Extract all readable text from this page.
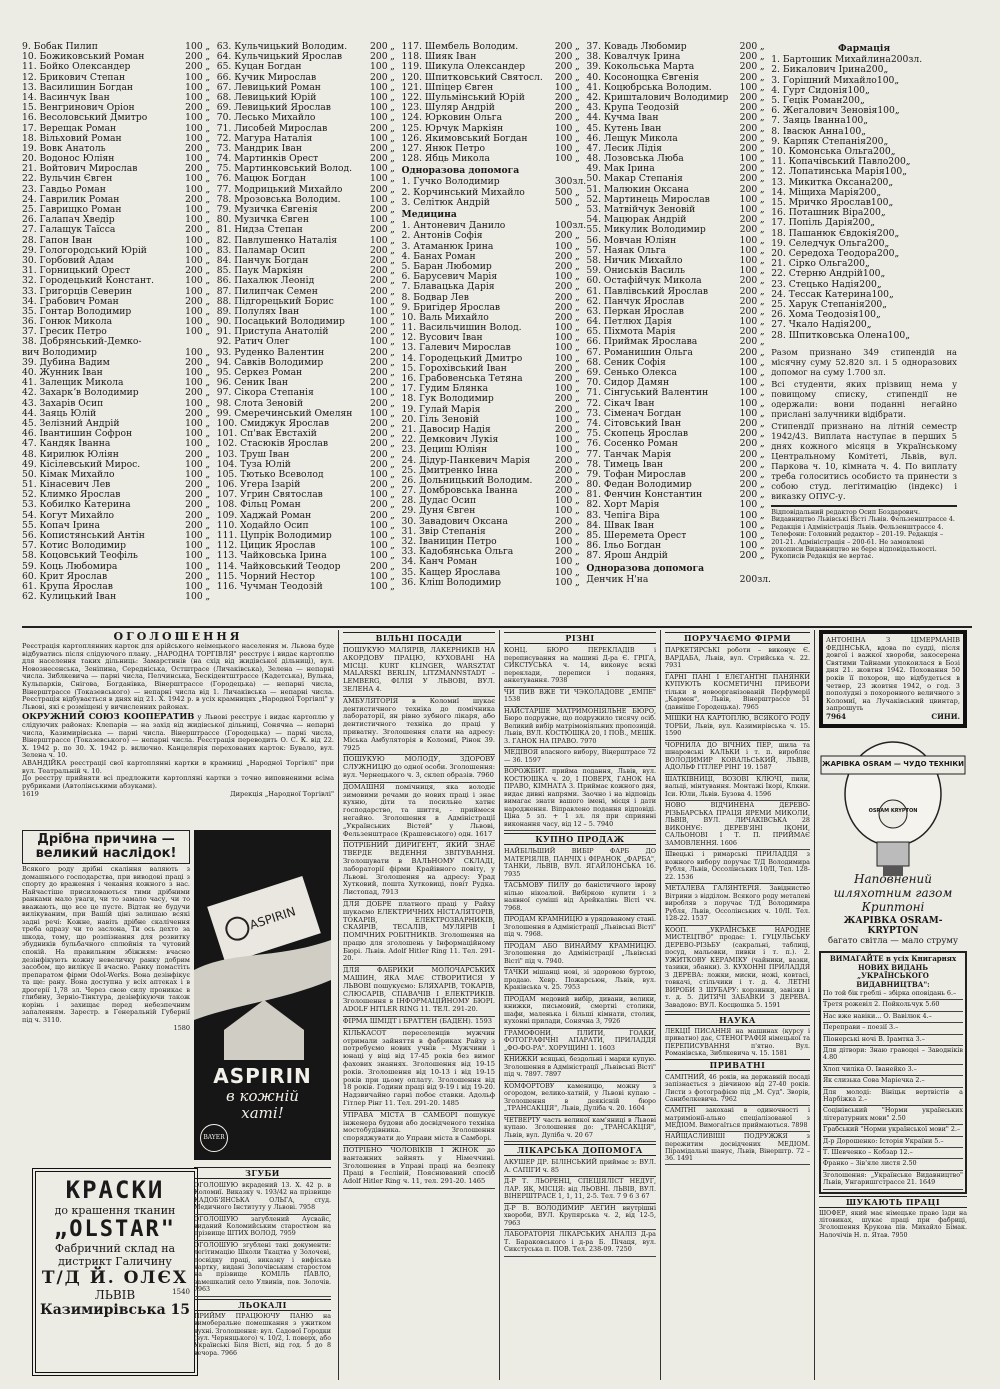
9. Бобак Пилип	100 „
10. Божиковський Роман	200 „
11. Бойко Олександер	200 „
12. Брикович Степан	100 „
13. Василишин Богдан	100 „
14. Васинчук Іван	100 „
15. Венгринович Оріон	200 „
16. Весоловський Дмитро	100 „
17. Верещак Роман	100 „
18. Вільховий Роман	100 „
19. Вовк Анатоль	200 „
20. Водонос Юліян	100 „
21. Войтович Мирослав	200 „
22. Вульчин Євген	100 „
23. Гавдьо Роман	100 „
24. Гаврилик Роман	200 „
25. Гаврищко Роман	100 „
26. Галапач Хведір	100 „
27. Галащук Таїсса	200 „
28. Гапон Іван	100 „
29. Гологородський Юрій	100 „
30. Горбовий Адам	100 „
31. Горницький Орест	200 „
32. Городецький Констант.	100 „
33. Григорців Северин	100 „
34. Грабович Роман	200 „
35. Гонтар Володимир	100 „
36. Гонюк Микола	100 „
37. Гресик Петро	100 „
38. Добрянський-Демко-
вич Володимир	100 „
39. Дубина Вадим	200 „
40. Жунник Іван	100 „
41. Залещик Микола	100 „
42. Захаркʼв Володимир	200 „
43. Захарів Осип	100 „
44. Заяць Юлій	200 „
45. Зелізний Андрій	100 „
46. Івантишин Софрон	100 „
47. Кандяк Іванна	100 „
48. Кирилюк Юліян	200 „
49. Кісілевський Мирос.	100 „
50. Кімак Михайло	100 „
51. Кінасевич Лев	200 „
52. Климко Ярослав	200 „
53. Кобилко Катерина	200 „
54. Когут Михайло	200 „
55. Копач Ірина	200 „
56. Копистянський Антін	100 „
57. Котис Володимир	100 „
58. Коцовський Теофіль	100 „
59. Коць Любомира	100 „
60. Крит Ярослав	200 „
61. Крупа Ярослав	100 „
62. Кулицький Іван	100 „
63. Кульчицький Володим.	200 „
64. Кульчицький Ярослав	200 „
65. Куцан Богдан	100 „
66. Кучик Мирослав	200 „
67. Левицький Роман	100 „
68. Левицький Юрій	100 „
69. Левицький Ярослав	100 „
70. Лесько Михайло	100 „
71. Лисобей Мирослав	200 „
72. Магура Наталія	100 „
73. Мандрик Іван	200 „
74. Мартинків Орест	200 „
75. Мартинковський Волод.	100 „
76. Мацюк Богдан	100 „
77. Модрицький Михайло	200 „
78. Мрозовська Володим.	100 „
79. Музичка Євгенія	200 „
80. Музичка Євген	100 „
81. Нидза Степан	200 „
82. Павлушенко Наталія	100 „
83. Паламар Осип	200 „
84. Панчук Богдан	200 „
85. Паук Маркіян	200 „
86. Пахалюк Леонід	200 „
87. Пилипчак Семен	200 „
88. Підгорецький Борис	100 „
89. Полулях Іван	100 „
90. Посацький Володимир	100 „
91. Приступа Анатолій	200 „
92. Ратич Олег	100 „
93. Руденко Валентин	200 „
94. Савків Володимир	200 „
95. Серкез Роман	200 „
96. Сеник Іван	200 „
97. Сікора Степанія	100 „
98. Слота Зеновій	200 „
99. Смеречинський Омелян	100 „
100. Смиджук Ярослав	200 „
101. Сп'вак Евстахій	200 „
102. Стасюків Ярослав	200 „
103. Труш Іван	200 „
104. Туза Юлій	200 „
105. Тютько Всеволод	100 „
106. Угера Ізарій	200 „
107. Угрин Святослав	100 „
108. Фільц Роман	200 „
109. Хаджай Роман	200 „
110. Ходайло Осип	100 „
111. Цупрік Володимир	100 „
112. Цицик Ярослав	100 „
113. Чайковська Ірина	100 „
114. Чайковський Теодор	200 „
115. Чорний Нестор	100 „
116. Чучман Теодозій	100 „
117. Шембель Володим.	200 „
118. Шияк Іван	200 „
119. Шикула Олександер	200 „
120. Шпитковський Святосл.	200 „
121. Шпіцер Євген	100 „
122. Шульмінський Юрій	200 „
123. Шуляр Андрій	200 „
124. Юрковин Ольга	200 „
125. Юрчук Маркіян	100 „
126. Якимовський Богдан	100 „
127. Янюк Петро	100 „
128. Ябць Микола	100 „
Одноразова допомога
1. Гучко Володимир	300 зл.
2. Корчинський Михайло	500 „
3. Селітюк Андрій	500 „
Медицина
1. Антоневич Данило	100 зл.
2. Антонів Софія	200 „
3. Атаманюк Ірина	100 „
4. Банах Роман	200 „
5. Баран Любомир	200 „
6. Барусевич Марія	100 „
7. Блавацька Дарія	200 „
8. Бодвар Лев	200 „
9. Бригідер Ярослав	200 „
10. Валь Михайло	200 „
11. Васильчишин Волод.	100 „
12. Вусович Іван	100 „
13. Галевич Мирослав	100 „
14. Городецький Дмитро	100 „
15. Горохівський Іван	200 „
16. Грабовенська Тетяна	200 „
17. Гудим Блянка	100 „
18. Гук Володимир	200 „
19. Гулай Марія	200 „
20. Гіль Зеновій	100 „
21. Давосир Надія	200 „
22. Демкович Лукія	100 „
23. Дециш Юліян	100 „
24. Дідур-Панкевич Марія	200 „
25. Дмитренко Інна	200 „
26. Дольницький Володим.	200 „
27. Домбровська Іванна	200 „
28. Дудас Осип	100 „
29. Дуня Євген	100 „
30. Завадович Оксана	200 „
31. Звір Степанія	200 „
32. Іваницин Петро	100 „
33. Кадобянська Ольга	200 „
34. Канч Роман	100 „
35. Кащер Ярослава	100 „
36. Кліш Володимир	100 „
37. Ковадь Любомир	200 „
38. Ковалчук Ірина	200 „
39. Кокольська Марта	200 „
40. Косонощка Євгенія	200 „
41. Коцюбрська Володим.	100 „
42. Кришталович Володимир	200 „
43. Крупа Теодозій	200 „
44. Кучма Іван	200 „
45. Кутень Іван	200 „
46. Лещук Микола	200 „
47. Лесик Лідія	200 „
48. Лозовська Люба	100 „
49. Мак Ірина	200 „
50. Макар Степанія	200 „
51. Малюкин Оксана	200 „
52. Мартинець Мирослав	100 „
53. Матвійчук Зеновій	100 „
54. Мацюрак Андрій	200 „
55. Микулик Володимир	200 „
56. Мовчан Юліян	100 „
57. Наяак Ольга	100 „
58. Ничик Михайло	100 „
59. Ониськів Василь	100 „
60. Остафійчук Микола	200 „
61. Павлівський Ярослав	200 „
62. Панчук Ярослав	200 „
63. Перкан Ярослав	200 „
64. Петлюх Дарія	100 „
65. Піхмота Марія	200 „
66. Приймак Ярослава	200 „
67. Романишин Ольга	200 „
68. Сеник Софія	100 „
69. Сенько Олекса	100 „
70. Сидор Дамян	100 „
71. Сінгуський Валентин	100 „
72. Сікач Іван	100 „
73. Сіменач Богдан	100 „
74. Сітовський Іван	200 „
75. Скопець Ярослав	200 „
76. Сосенко Роман	200 „
77. Танчак Марія	200 „
78. Тимець Іван	200 „
79. Тофан Мирослав	200 „
80. Федан Володимир	200 „
81. Фенчин Константин	200 „
82. Хорт Марія	100 „
83. Чепіга Віра	100 „
84. Швак Іван	100 „
85. Шеремета Орест	100 „
86. Ільо Богдан	100 „
87. Ярош Андрій	200 „
Одноразова допомога
Денчик Н'на	200 зл.
Фармація
1. Бартошик Михайлина200зл.
2. Бикалович Ірина200„
3. Горішний Михайло100„
4. Гурт Сидонія100„
5. Гецік Роман200„
6. Жегалович Зеновія100„
7. Заяць Іванна100„
8. Івасюк Анна100„
9. Карпяк Степанія200„
10. Комонська Ольга200„
11. Копачівський Павло200„
12. Лопатинська Марія100„
13. Микитка Оксана200„
14. Міщиха Марія200„
15. Мричко Ярослав100„
16. Поташник Віра200„
17. Попіль Дарія200„
18. Пашанюк Євдокія200„
19. Селедчук Ольга200„
20. Середоха Теодора200„
21. Сірко Ольга200„
22. Стерню Андрій100„
23. Стецько Надія200„
24. Тессак Катерина100„
25. Харук Степанія200„
26. Хома Теодозія100„
27. Чкало Надія200„
28. Шпитковська Олена100„
Разом признано 349 стипендій на місячну суму 52.820 зл. і 5 одноразових допомог на суму 1.700 зл.
Всі студенти, яких прізвищ нема у повищому списку, стипендії не одержали: вони поданні негайно прислані залучники відібрати.
Стипендії признано на літній семестр 1942/43. Виплата наступає в перших 5 днях кожного місяця в Українському Центральному Комітеті, Львів, вул. Паркова ч. 10, кімната ч. 4. По виплату треба голоситись особисто та принести з собою студ. легітимацію (індекс) і виказку ОПУС-у.
Відповідальний редактор Осип Боздарович. Видавництво Львівські Вісті Львів. Фельзенштрассе 4. Редакція і Адміністрація Львів. Фельзенштрассе 4. Телефони: Головний редактор – 201-19. Редакція – 201-21. Адміністрація – 200-61. Не замовлені рукописи Видавництво не бере відповідальності. Рукописів Редакція не вертає.
ОГОЛОШЕННЯ
Реєстрація картоплянних карток для арійського неімецького населення м. Львова буде відбуватись після слідуючого плану. „НАРОДНА ТОРГІВЛЯ" реєструє і видає картоплю для населення таких дільниць: Замарстинів (на схід від жидівської дільниці), вул. Новознесенська, Зеніпина, Середніська, Остштрасе (Личаківська), Зелена — непарні числа. Зиблкевича — парні числа, Пелчинська, Бескідентштрассе (Кадетська), Вулька, Кульпарків, Снігова, Богданівка, Вінерштрассе (Городецька) — непарні числа, Вінерштрассе (Токазевського) — непарні числа від 1. Личаківська — непарні числа. Реєстрація відбувається в днях від 21. X. 1942 р. в усіх крамницях „Народної Торгівлі" у Львові, які є розміщені у вичисленних районах.
ОКРУЖНИЙ СОЮЗ КООПЕРАТИВ у Львові реєструє і видає картоплю у слідуючих районах: Клепарів — на захід від жидівської дільниці, Сонячна — непарні числа, Казимирівська — парні числа. Вінерштрассе (Городецька) — парні числа, Вінерштрассе (Токазевського) — непарні числа. Реєстрація переводить О. С. К. від 22. X. 1942 р. по 30. X. 1942 р. включно. Канцелярія перехованих карток: Бувало, вул. Зелена ч. 10.
АВАНДІЙКА реєстрації свої картоплянні картки в крамниці „Народної Торгівлі" при вул. Театральній ч. 10.
До реєстру прийняти всі предложити картопляні картки з точно виповненими всіма рубриками (Автолінськими абзуками).
1619	Дирекція „Народної Торгівлі"
Дрібна причина — великий наслідок!
Всякого роду дрібні скаління валяють з домашнього господарства, при виводові праці з спорту до враження і чекання кожного з нас. Найчастіше присиловаються тими дрібними ранками мало уваги, чи то замало часу, чи то вважають, що все це пусте. Відтак не будучи вилікуваним, при Вашій ціні залишаю всякі задні речі: Кожне, навіть дрібне скалічення треба одразу чи то заслона, Ти ось дехто за шкода, тому, що розпізнання для розвитку збудників бульбачного сплюйнія та чутовий спокій. На правильним збіжжям: вчасно дезінфікують кожну невеличку ранку добрим засобом, що вилікує її вчасно. Ранку помастіть препаратом фірми Odol-Werks. Вона дезінфікує та ще: рану. Вона доступна у всіх аптеках і в дрогерії 1,78 зл. Через свою силу проникає в глибину, Зерніо-Тінктура, дезінфікуючи також корінь і захищає перед небезпечним запаленням. Зарестр. в Генеральній Губернії під ч. 3110.
1580
ASPIRIN
ASPIRIN
в кожній хаті!
BAYER
КРАСКИ
до крашення тканин
„OLSTAR"
Фабричний склад на дистрикт Галичину
Т/Д Й. ОЛЄХ
ЛЬВІВ	1540
Казимирівська 15
ЗГУБИ
ОГОЛОШУЮ вкрадений 13. X. 42 р. в Коломиї. Виказку ч. 193/42 на прізвище КАДОБ'ЯНСЬКА ОЛЬГА, студ. Медичного Інституту у Львові. 7958
ОГОЛОШУЮ загублений Аусвайс, виданий Коломийським староством на прізвище ШТИХ ВОЛОД. 7959
ОГОЛОШУЮ згублені такі документи: легітимацію Школи Ткацтва у Золочеві, посвідку праці, виказку і вифіська картку, видані Золочівським старостом на прізвище КОМІЛЬ ПАВЛО, замешкалий село Улвинів, пов. Золочів. 7963
ЛЬОКАЛІ
ПРИЙМУ ПРАЦЮЮЧУ ПАНЮ на вимоберальне помешкання з ужитком кухні. Зголошення: вул. Садової Городки (вул. Черняцького) ч. 10/2, I. поверх, або Українські Біля Вісті, від год. 5 до 8 вечора. 7966
ВІЛЬНІ ПОСАДИ
ПОШУКУЮ МАЛЯРІВ, ЛАКЕРНИКІВ НА АКОРДОВУ ПРАЦЮ, КУХОВАНІ НА МІСЦІ. KURT KLINGER, WARSZTAT MALARSKI BERLIN, LITZMANNSTADT – LEMBERG, ФІЛІЯ У ЛЬВОВІ, ВУЛ. ЗЕЛЕНА 4.
АМБУЛЯТОРІЯ в Коломиї шукає дентистичного техніка до помічника лабораторії, ян рівно зубного лікаря, або дентистичного техніка до праці у приватну. Зголошення слати на адресу: Міська Амбуляторія в Коломиї, Рінок 39. 7925
ПОШУКУЮ МОЛОДУ, ЗДОРОВУ СЛУЖНИЦЮ до одної особи. Зголошення: вул. Чернецького ч. 3, склеп образів. 7960
ДОМАШНЯ помічниця, яка володіє зимовими речами до нових праці і знає кухню, діти та посильне хатнє господарство, та шиття, - приймеся негайно. Зголошення в Адміністрації „Українських Вістей" у Львові, Фельзенштрасе (Крашевського) одн. 1617
ПОТРІБНИЙ ДИРИГЕНТ, ЯКИЙ ЗНАЄ ТВЕРДЕ ВЕДЕННЯ ЗВІТУВАННЯ. Зголошувати в ВАЛЬНОМУ СКЛАДІ, лабораторії фірми Крайівного повіту, у Львові. Зголошення на адресу: Урад Хутковий, пошта Хутковиці, повіт Рудка. Листопад, 7913
ДЛЯ ДОБРЕ платного праці у Райху шукаємо ЕЛЕКТРИЧНИХ НІСТАЛЯТОРІВ, ТОКАРІВ, ЕЛЕКТРОЗВАРНИКІВ, СКАЯРІВ, ТЕСАЛІВ, МУЛЯРІВ І ПОМІЧНИХ РОБІТНИКІВ. Зголошення на працю для зголошень у Інформаційному Бюрі. Львів. Adolf Hitler Ring 11. Тел. 291-20.
ДЛЯ ФАБРИКИ МОЛОЧАРСЬКИХ МАШИН, ЯКА МАЄ СТВОРИТИСЯ У ЛЬВОВІ пошукуємо: БЛЯХАРІВ, ТОКАРІВ, СЛЮСАРІВ, СПАВАЧІВ І ЕЛЕКТРИКІВ. Зголошення в ІНФОРМАЦІЙНОМУ БЮРІ. ADOLF HITLER RING 11. ТЕЛ. 291-20.
ФІРМА ШМІДТ і БРАТТЕН (БАДЕН). 1593
КІЛЬКАСОТ переселенців мужчин отримали зайняття в фабриках Райху з потребуємо нових учнів – Мужчини і юнаці у віці від 17-45 років без вимог фахових знаннях. Зголошення від 19-15 років. Зголошення від 10-13 і від 19-15 років при цьому оплату. Зголошення від 18 років. Години праці від 9-19 і від 19-20. Надзвичайно гарні побоє ставки. Адольф Гітлер Рінг 11. Тел. 291-20. 1485
УПРАВА МІСТА В САМБОРІ пошукує інженера будови або досвідченого техніка мостобудівника. Зголошення споряджувати до Управи міста в Самборі.
ПОТРІБНО ЧОЛОВІКІВ І ЖІНОК до вантажних зайнять у Німеччині. Зголошення в Управі праці на безпеку Праці в Геслівій, Пояснюваний спосіб Adolf Hitler Ring ч. 11, тел. 291-20. 1465
РІЗНІ
КОНЦ. БЮРО ПЕРЕКЛАДІВ і переписування на машині Д-ра Є. ГРІГА, СИКСТУСЬКА ч. 14, виконує всякі переклади, переписи і подання, анкетування. 7938
ЧИ ПИВ ВЖЕ ТИ ЧЭКОЛАДОВЕ „ЕМПЕ" 1538
НАЙСТАРШЕ МАТРИМОНІЯЛЬНЕ БЮРО, Бюро подружне, що подружило тисячу осіб. Великий вибір матрімоніяльних пропозицій. Львів, ВУЛ. КОСТЮШКА 20, І ПОВ., МЕШК. 3. ГАНОК НА ПРАВО. 7970
МЕДІВОЯ власного вибору, Віңерштрасе 72 — 36. 1597
ВОРОЖБИТ. прийма подання, Львів, вул. КОСТЮШКА ч. 20, І ПОВЕРХ, ГАНОК НА ПРАВО, КІМНАТА 3. Приймає кожного дня, видає дивні напрями. Заочно і на відповідь вимагає знати вашого імені, місця і дати народження. Віправлено подання відповіді. Ціна 5 зл. + 1 зл. ля при сприянні виконання часу, від 12 – 5. 7940
КУПНО ПРОДАЖ
НАЙБІЛЬШИЙ ВИБІР ФАРБ ДО МАТЕРІЯЛІВ, ПАНЧІХ і ФІРАНОК „ФАРБА", ТАНКИ, ЛЬВІВ, ВУЛ. ЯГАЙЛОНСЬКА 16. 7935
ТАСЬМОВУ ПИЛУ до баністичного іврову нілью нікоалюй. Вибіркою купити і з наявної суміші від Арейкалінь Вісті чч. 7968.
ПРОДАМ КРАМНИЦЮ в урядованому стані. Зголошення в Адміністрації „Львівські Вісті" під ч. 7968.
ПРОДАМ АБО ВИНАЙМУ КРАМНИЦЮ. Зголошення до Адміністрації „Львівські Вісті" під ч. 7940.
ТАЧКИ мішанці нові, зі здоровою буртою, продаю. Хевр. Пожарсьюн, Львів, вул. Краківська ч. 25. 7953
ПРОДАМ медовий вибір, дивани, велики, книжки, письмовий, смертні столики, шафи, маленька і більші кімнати, столик, кухонні прилади, Сонячна 3, 7926
ГРАМОФОНИ, ПЛИТИ, ГОАКИ, ФОТОГРАФІЧНІ АПАРАТИ, ПРИЛАДДЯ „ФО-ФО-РА". ХОРУЩИНІ 1. 1603
КНИЖКИ всяцькі, бездольні і марки купую. Зголошення в Адміністрації „Львівські Вісті" під ч. 7897. 7897
КОМФОРТОВУ каменицю, можну з огородом, велико-хатній, у Львові купаю – Зголошення в деякісній бюро „ТРАНСАКЦІЯ", Львів, Дуліба ч. 20. 1604
ЧЕТВЕРТУ часть великої кам'яниці в Львові купаю. Зголошення до: „ТРАНСАКЦІЯ", Львів, вул. Дуліба ч. 20 67
ЛІКАРСЬКА ДОПОМОГА
АКУШЕР ДР. БІЛІНСЬКИЙ приймає з: ВУЛ. А. САПІГИ ч. 85
Д-Р Т. ЛЬОРЕНЦ, СПЕЦІЯЛІСТ НЕДУГ, ЛАР. ЯК, МІСЦЯ: від ЛЬОВНІ. ЛЬВІВ, ВУЛ. ВІНЕРШТРАСЕ 1, 1, 11, 2-5. Тел. 7 9 6 3 67
Д-Р В. ВОЛОДИМИР АЕГИН внутрішні хвороби, ВУЛ. Крупярська ч. 2, від 12-5, 7963
ЛАБОРАТОРІЯ ЛІКАРСЬКИХ АНАЛІЗ Д-ра Т. Бараковського і д-ра Б. Пічаця, вул. Сикстуська п. ПОВ. Тел. 238-09. 7250
ПОРУЧАЄМО ФІРМИ
ПАРКЕТЯРСЬКІ роботи – виконує Є. ВАРДАБА, Львів, вул. Стрийська ч. 22. 7931
ГАРНІ ПАНІ І ЕЛЄГАНТНІ ПАНЯНКИ КУПУЮТЬ КОСМЕТИЧНІ ПРИБОРИ тільки в новоорганізованій Перфумерії „Кармен", Львів, Вінерштрассе 51 (давніше Городецька). 7965
МІШКИ НА КАРТОПЛЮ, ВСЯКОГО РОДУ ТОРБИ, Львів, вул. Казимирівська ч. 15. 1590
ЧОРНИЛА ДО ВІЧНИХ ПЕР, шила та шнаровські КАЛЬКИ і т. п. виробляє ВОЛОДИМИР КОВАЛЬСЬКИЙ, ЛЬВІВ, АДОЛЬФ ГІТЛЕР РІНГ 19. 1587
ШАТКІВНИЦІ, ВОЗОВІ КЛЮЧІ, пили, вальці, мінтування. Монтажі Ікорі, Клкни. Іси. Юли, Львів. Бузова 4. 1596
НОВО ВІДЧИНЕНА ДЕРЕВО-РІЗЬБАРСЬКА ПРАЦЯ ЯРЕМИ МИКОЛИ, ЛЬВІВ, ВУЛ. ЛИЧАКІВСЬКА 28 ВИКОНУЄ: ДЕРЕВ'ЯНІ ІКОНИ, САЛЬОНОВІ І Т. П. ПРИЙМАЄ ЗАМОВЛЕННЯ. 1606
Швецькі і римарські ПРИЛАДДЯ з кожного вибору поручає Т/Д Володимира Рубля, Львів, Оссолінських 10/II, Тел. 128-22. 1536
МЕТАЛЕВА ГАЛЯНТЕРІЯ. Завідниство Вітрини з відділом. Всякого роду металеві виробляв з поручає Т/Д Володимира Рубля, Львів, Оссолінських ч. 10/II. Тел. 128-22. 1537
КООП. „УКРАЇНСЬКЕ НАРОДНЕ МИСТЕЦТВО" продає: 1. ГУЦУЛЬСЬКУ ДЕРЕВО-РІЗЬБУ (сакральні, таблиці, посуд, мальовки, пивки і т. п.). 2. УЖИТКОВУ КЕРАМІКУ (чайники, вазки, тазики, збанки). 3. КУХОННІ ПРИЛАДДЯ З ДЕРЕВА: ложки, миски, ножі, ковтасі, товкачі, стільчики і т. д. 4. ЛЕТНІ ВИРОБИ З ШУБАРУ: корзинки, завізки і т. д. 5. ДИТЯЧІ ЗАБАВКИ З ДЕРЕВА. Завадово: ВУЛ. Косцюшка 5. 1591
НАУКА
ЛЕКЦІЇ ПИСАННЯ на машинах (курсу і приватно) дає, СТЕНОГРАФІЯ німецької та ПЕРЕПИСУВАННЯ п'ятно. Вул. Романівська, Зиблкевича ч. 15. 1581
ПРИВАТНІ
САМІТНИЙ, 46 років, на державній посаді запізнається з дівчиною від 27-40 років. Листи з фотографією під „М. Суд". Зворів, Санибелкевича. 7962
САМІТНІ закохані в одиночності і матриміонії-ально спеціалізованої з МЕДІОМ. Вимогаїться приймаються. 7898
НАЙЩАСЛИВІШІ ПОДРУЖЖЯ з пережитим досвідчених МЕДІОМ. Пірамідальні шанує, Львів, Вінерштр. 72 – 36. 1491
АНТОНІНА З ЦІМЕРМАНІВ ФЕДІНСЬКА, вдова по судді, після довгої і важкої хвороби, закосерена Святими Тайнами упокоилася в Бозі дня 21. жовтня 1942. Поховання 50 років її похорон, що відбудеться в четвер, 23 жовтня 1942, о год. 3 пополудні з похоронного величного з Коломиї, на Лучаківський цвинтар, запрошуть
7964	СИНИ.
ЖАРІВКА OSRAM — ЧУДО ТЕХНІКИ
OSRAM KRYPTON
Наповнений
шляхотним газом
Криптоні
ЖАРІВКА OSRAM-KRYPTON
багато світла — мало струму
ВИМАГАЙТЕ в усіх Книгарнях НОВИХ ВИДАНЬ „УКРАЇНСЬКОГО ВИДАВНИЦТВА":
По той бік греблі – збірка оповідань 6.–
Третя рожевіл 2. Пойкольчук 5.60
Нас вже навіки... О. Вавілюк 4.–
Переправи – поезії 3.–
Піонерські ночі В. Ірамтка 3.–
Для дітвори: Знаю гравоцеі – Заводніків 4.80
Хлоп чиліка О. Іванейко 3.–
Як слизька Сова Маріечка 2.–
Для молоді: Вініцьк вертвістів а Нарбіжка 2.–
Соцінівський "Норми українських літературних мови" 2.50
Грабський "Норми української мови" 2.–
Д-р Дорошенко: Історія України 5.–
Т. Шевченко – Кобзар 12.–
Франко – Зів'яле листя 2.50
Зголошення: „Українське Видавництво" Львів, Унгаришгстрассе 21. 1649
ШУКАЮТЬ ПРАЦІ
ШОФЕР, який має німецьке право їзди на літовиках, шукає праці при фабриці, Зголошення Крукова пів. Михайло Бімак. Налочічів Н. п. Ятав. 7950
